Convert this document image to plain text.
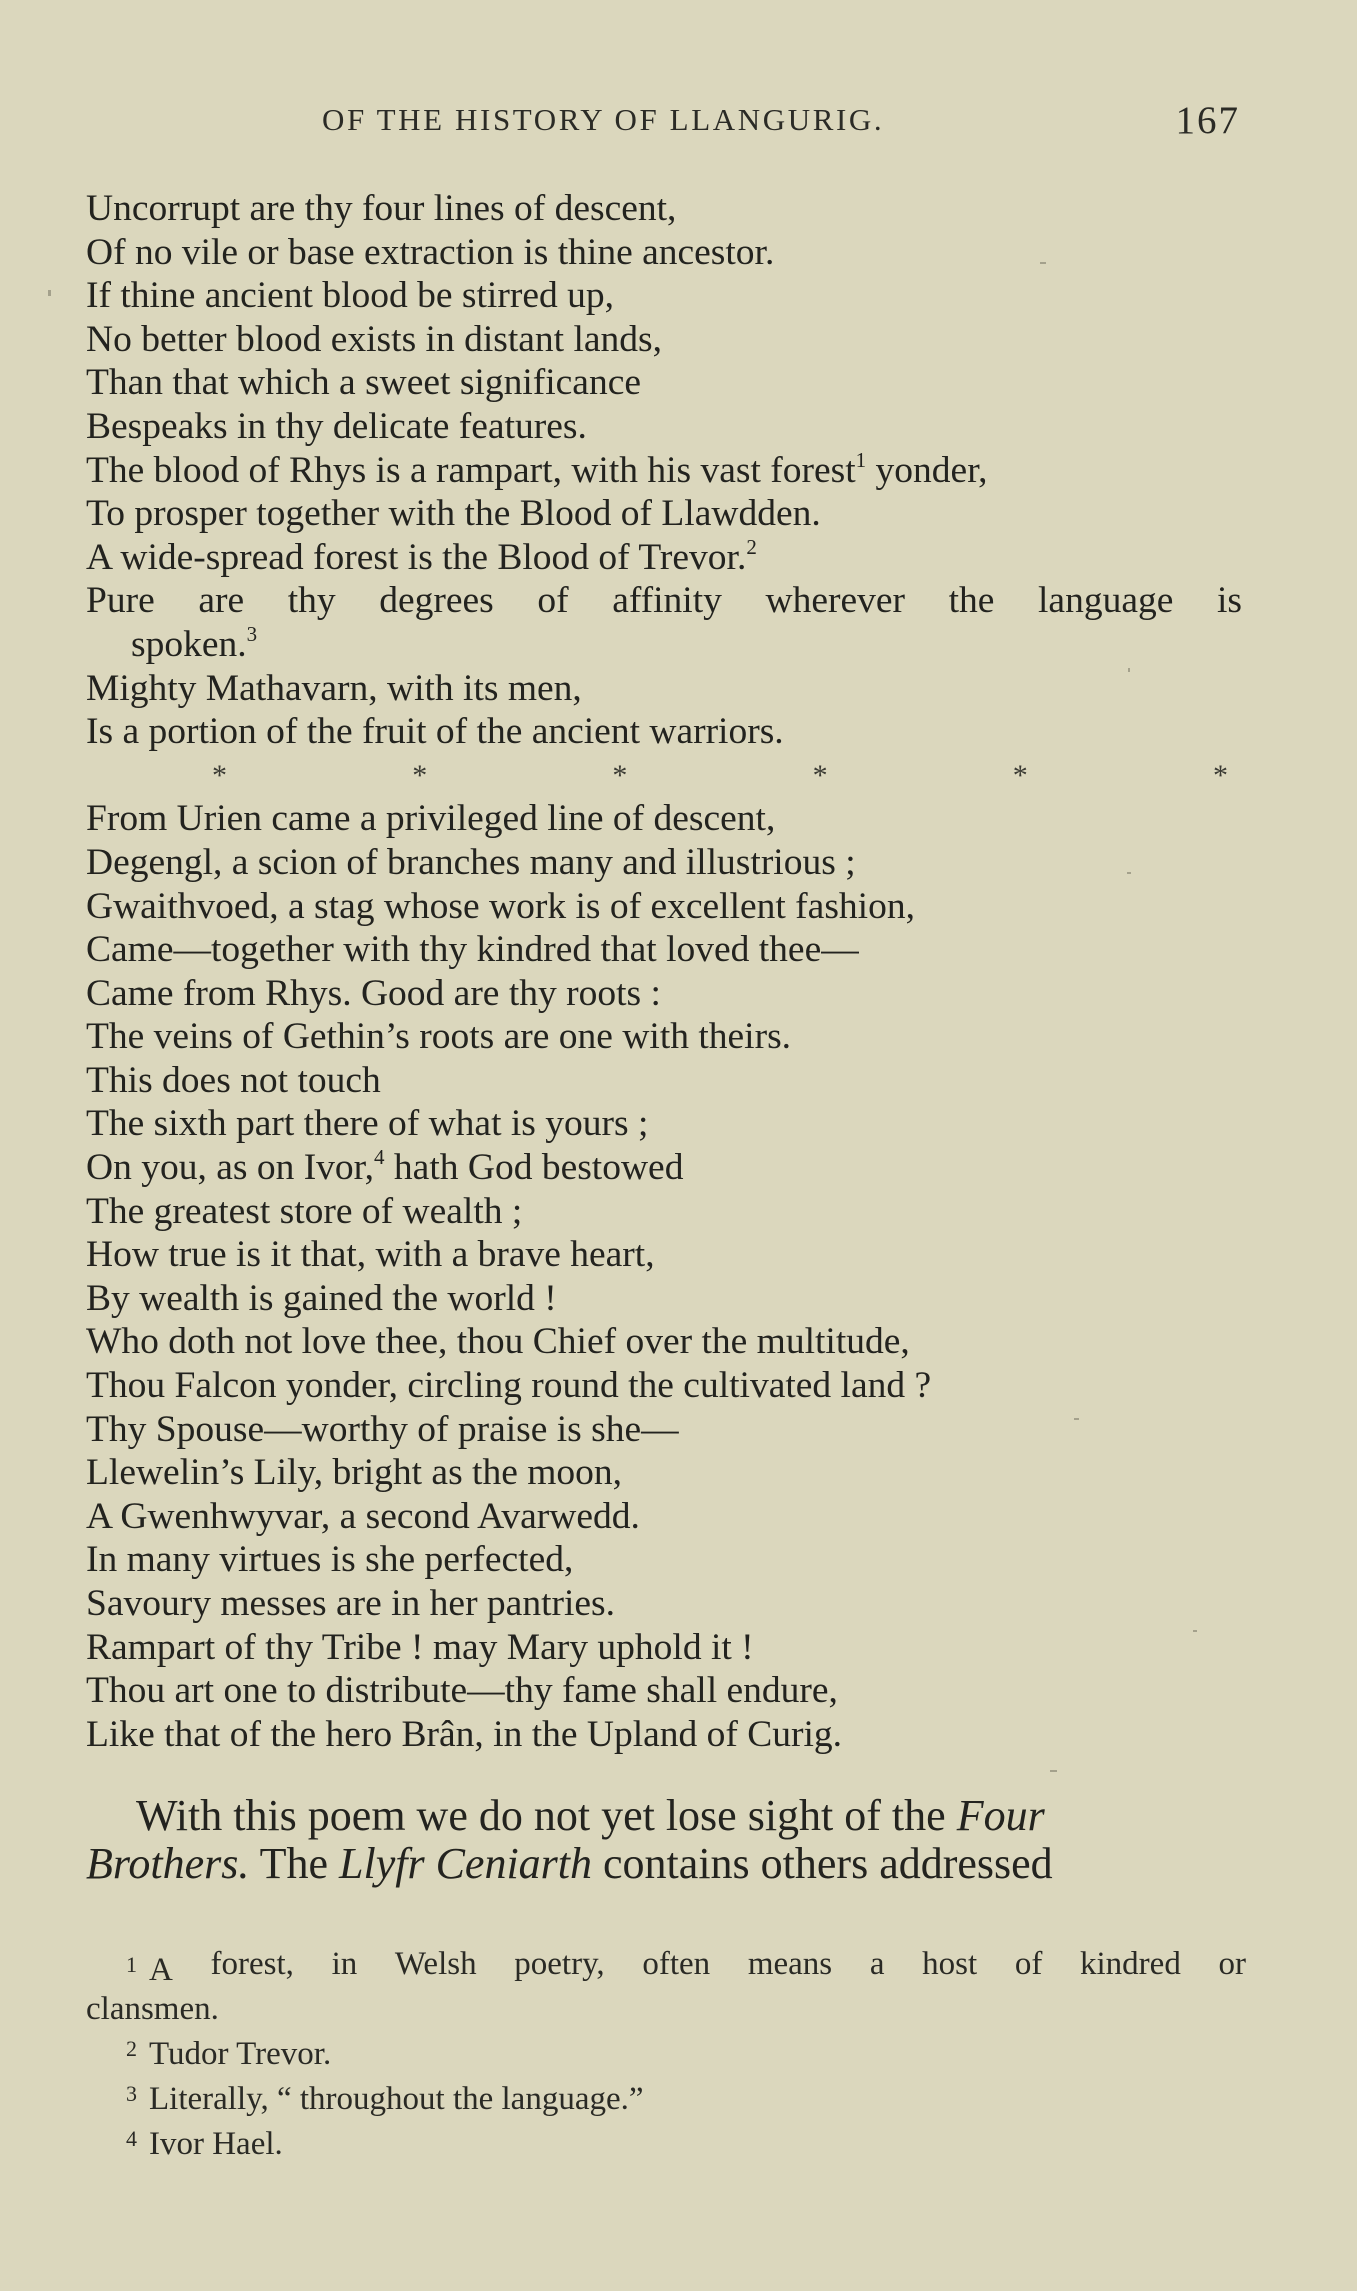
OF THE HISTORY OF LLANGURIG.	167
Uncorrupt are thy four lines of descent,
Of no vile or base extraction is thine ancestor.
If thine ancient blood be stirred up,
No better blood exists in distant lands,
Than that which a sweet significance
Bespeaks in thy delicate features.
The blood of Rhys is a rampart, with his vast forest$^1$ yonder,
To prosper together with the Blood of Llawdden.
A wide-spread forest is the Blood of Trevor.$^2$
Pure are thy degrees of affinity wherever the language is
spoken.$^3$
Mighty Mathavarn, with its men,
Is a portion of the fruit of the ancient warriors.
*	*	*	*	*	*
From Urien came a privileged line of descent,
Degengl, a scion of branches many and illustrious ;
Gwaithvoed, a stag whose work is of excellent fashion,
Came—together with thy kindred that loved thee—
Came from Rhys. Good are thy roots :
The veins of Gethin’s roots are one with theirs.
This does not touch
The sixth part there of what is yours ;
On you, as on Ivor,$^4$ hath God bestowed
The greatest store of wealth ;
How true is it that, with a brave heart,
By wealth is gained the world !
Who doth not love thee, thou Chief over the multitude,
Thou Falcon yonder, circling round the cultivated land ?
Thy Spouse—worthy of praise is she—
Llewelin’s Lily, bright as the moon,
A Gwenhwyvar, a second Avarwedd.
In many virtues is she perfected,
Savoury messes are in her pantries.
Rampart of thy Tribe ! may Mary uphold it !
Thou art one to distribute—thy fame shall endure,
Like that of the hero Brân, in the Upland of Curig.

With this poem we do not yet lose sight of the Four
Brothers. The Llyfr Ceniarth contains others addressed

$^1$ A forest, in Welsh poetry, often means a host of kindred or
clansmen.
$^2$ Tudor Trevor.
$^3$ Literally, “ throughout the language.”
$^4$ Ivor Hael.
